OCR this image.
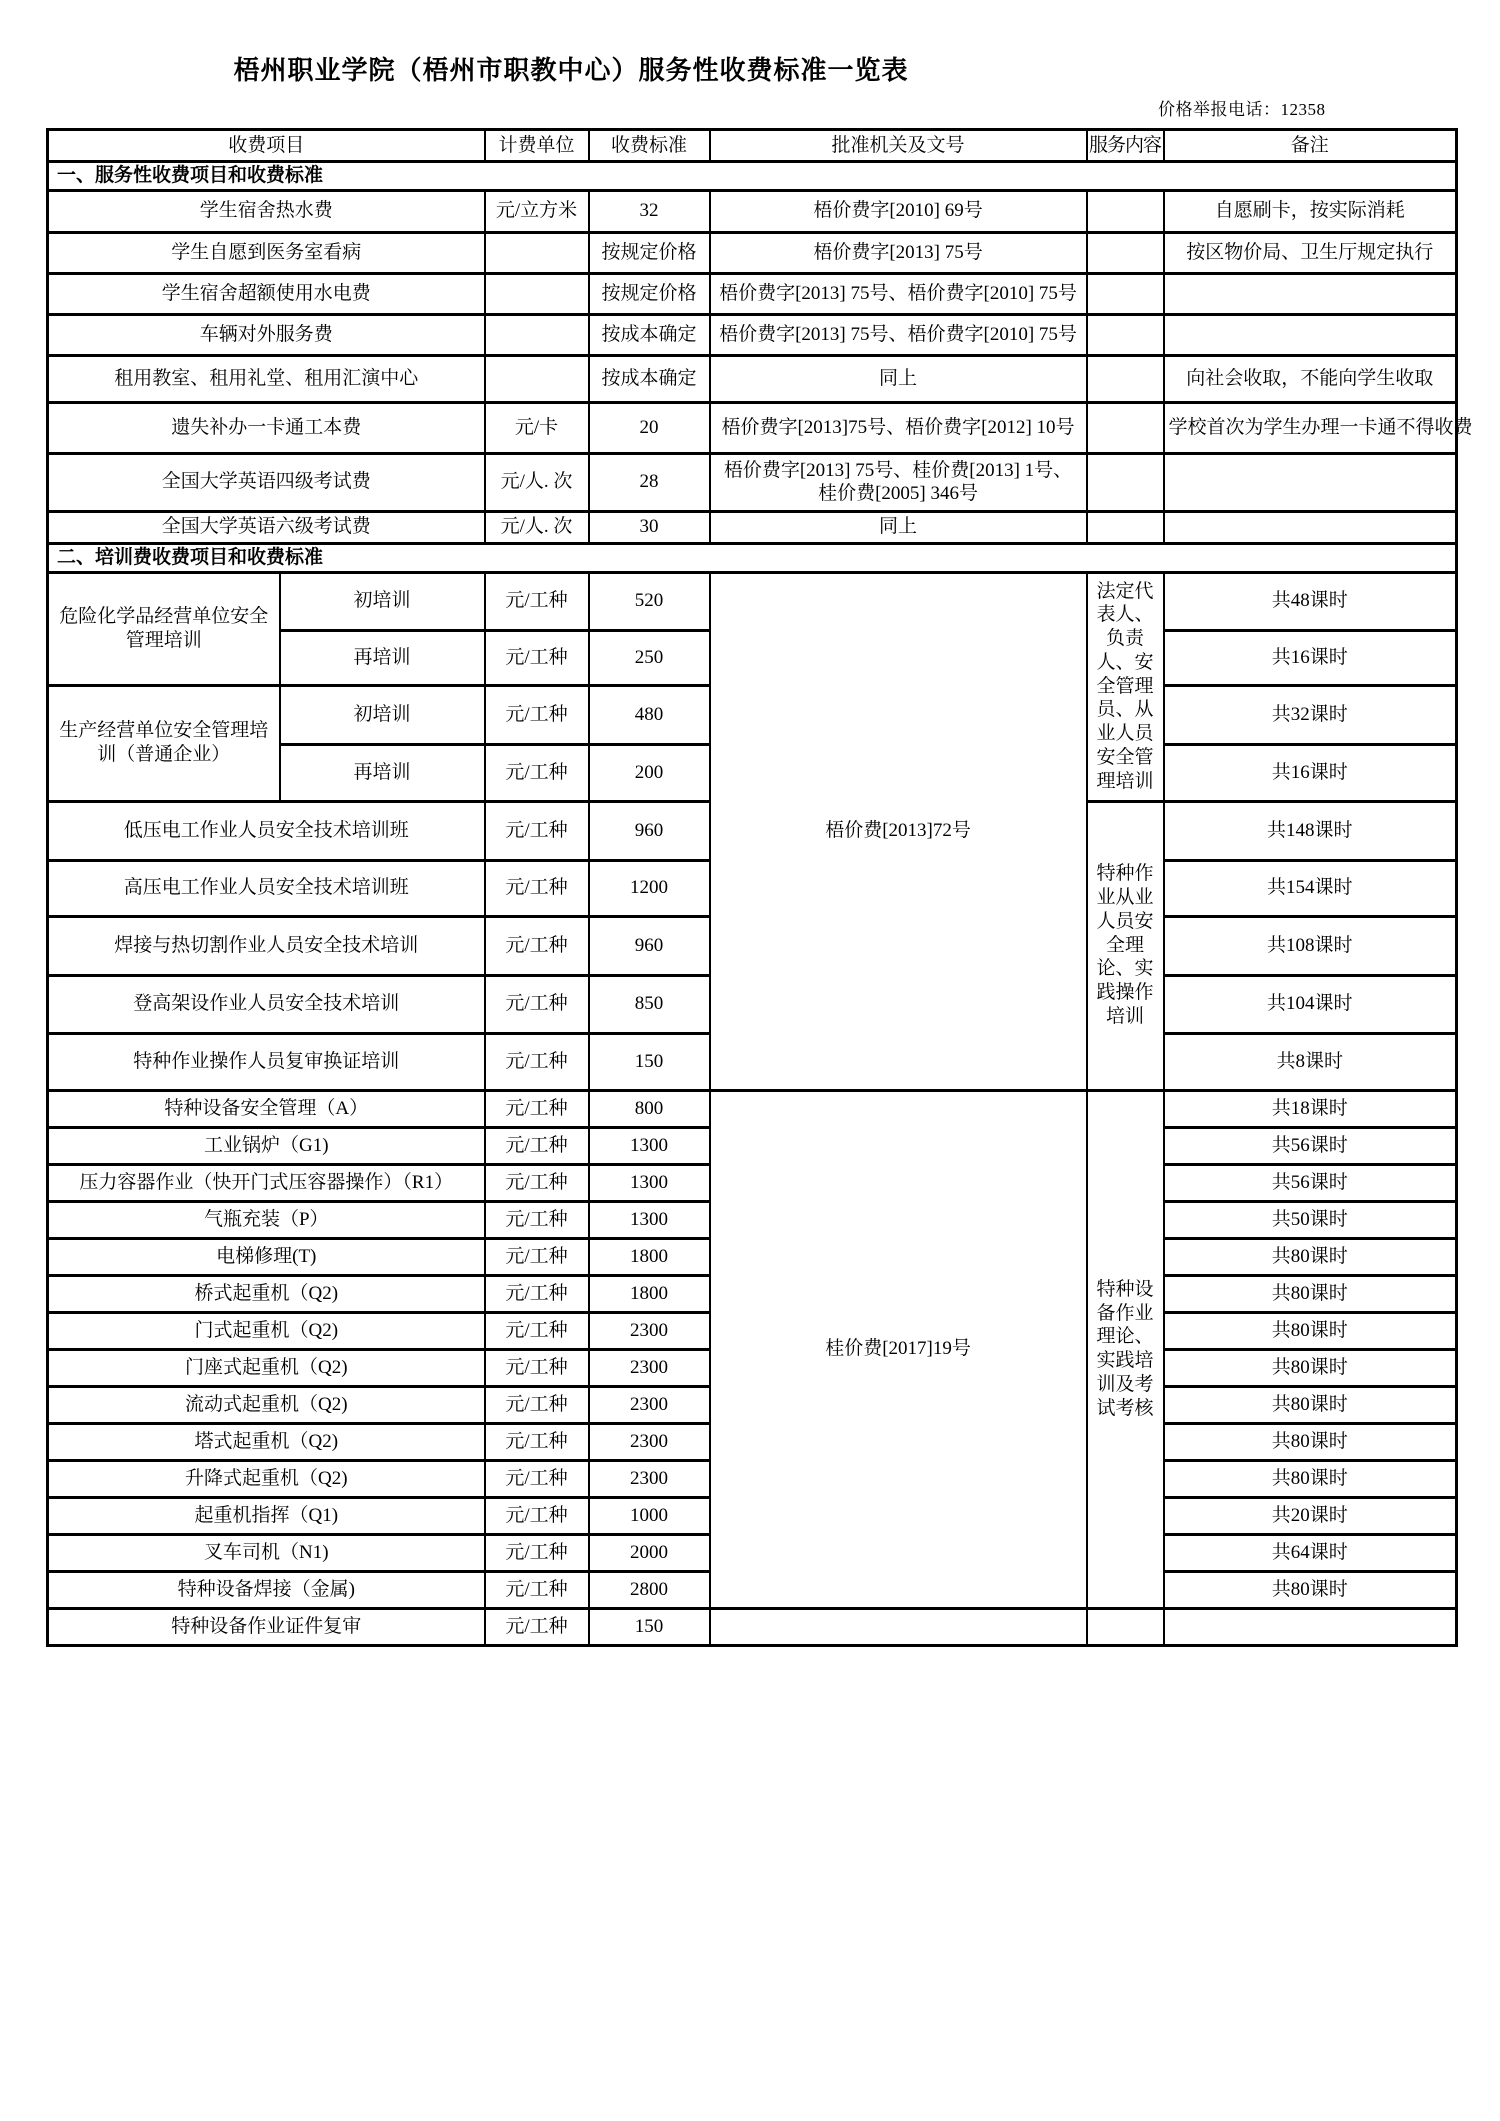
梧州职业学院（梧州市职教中心）服务性收费标准一览表
价格举报电话：12358
收费项目		计费单位	收费标准	批准机关及文号	服务内容	备注
一、服务性收费项目和收费标准						
学生宿舍热水费		元/立方米	32	梧价费字[2010] 69号		自愿刷卡，按实际消耗
学生自愿到医务室看病			按规定价格	梧价费字[2013] 75号		按区物价局、卫生厅规定执行
学生宿舍超额使用水电费			按规定价格	梧价费字[2013] 75号、梧价费字[2010] 75号		
车辆对外服务费			按成本确定	梧价费字[2013] 75号、梧价费字[2010] 75号		
租用教室、租用礼堂、租用汇演中心			按成本确定	同上		向社会收取，不能向学生收取
遗失补办一卡通工本费		元/卡	20	梧价费字[2013]75号、梧价费字[2012] 10号		学校首次为学生办理一卡通不得收费
全国大学英语四级考试费		元/人. 次	28	梧价费字[2013] 75号、桂价费[2013] 1号、桂价费[2005] 346号		
全国大学英语六级考试费		元/人. 次	30	同上		
二、培训费收费项目和收费标准						
危险化学品经营单位安全管理培训	初培训	元/工种	520	梧价费[2013]72号	法定代表人、负责人、安全管理员、从业人员安全管理培训	共48课时
	再培训	元/工种	250			共16课时
生产经营单位安全管理培训（普通企业）	初培训	元/工种	480			共32课时
	再培训	元/工种	200			共16课时
低压电工作业人员安全技术培训班		元/工种	960		特种作业从业人员安全理论、实践操作培训	共148课时
高压电工作业人员安全技术培训班		元/工种	1200			共154课时
焊接与热切割作业人员安全技术培训		元/工种	960			共108课时
登高架设作业人员安全技术培训		元/工种	850			共104课时
特种作业操作人员复审换证培训		元/工种	150			共8课时
特种设备安全管理（A）		元/工种	800	桂价费[2017]19号	特种设备作业理论、实践培训及考试考核	共18课时
工业锅炉（G1)		元/工种	1300			共56课时
压力容器作业（快开门式压容器操作）（R1）		元/工种	1300			共56课时
气瓶充装（P）		元/工种	1300			共50课时
电梯修理(T)		元/工种	1800			共80课时
桥式起重机（Q2)		元/工种	1800			共80课时
门式起重机（Q2)		元/工种	2300			共80课时
门座式起重机（Q2)		元/工种	2300			共80课时
流动式起重机（Q2)		元/工种	2300			共80课时
塔式起重机（Q2)		元/工种	2300			共80课时
升降式起重机（Q2)		元/工种	2300			共80课时
起重机指挥（Q1)		元/工种	1000			共20课时
叉车司机（N1)		元/工种	2000			共64课时
特种设备焊接（金属)		元/工种	2800			共80课时
特种设备作业证件复审		元/工种	150			
